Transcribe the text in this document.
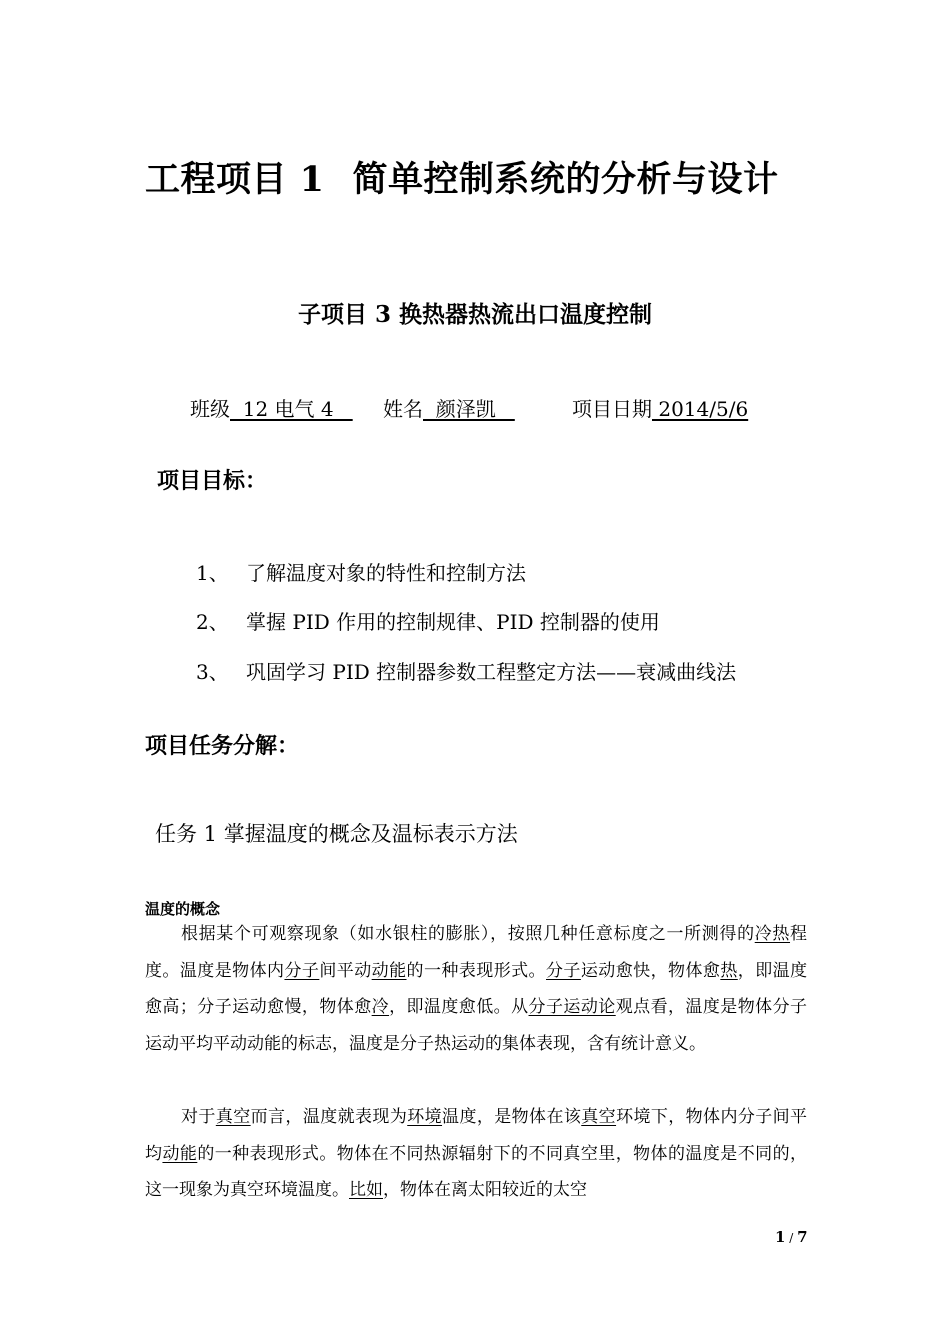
工程项目 1 简单控制系统的分析与设计
子项目 3 换热器热流出口温度控制
班级  12 电气 4 姓名  颜泽凯	项目日期 2014/5/6
项目目标：
1、 了解温度对象的特性和控制方法
2、 掌握 PID 作用的控制规律、PID 控制器的使用
3、 巩固学习 PID 控制器参数工程整定方法——衰减曲线法
项目任务分解：
任务 1 掌握温度的概念及温标表示方法
温度的概念
根据某个可观察现象（如水银柱的膨胀），按照几种任意标度之一所测得的冷热程度。温度是物体内分子间平动动能的一种表现形式。分子运动愈快，物体愈热，即温度愈高；分子运动愈慢，物体愈冷，即温度愈低。从分子运动论观点看，温度是物体分子运动平均平动动能的标志，温度是分子热运动的集体表现，含有统计意义。
对于真空而言，温度就表现为环境温度，是物体在该真空环境下，物体内分子间平均动能的一种表现形式。物体在不同热源辐射下的不同真空里，物体的温度是不同的，这一现象为真空环境温度。比如，物体在离太阳较近的太空
1 / 7
